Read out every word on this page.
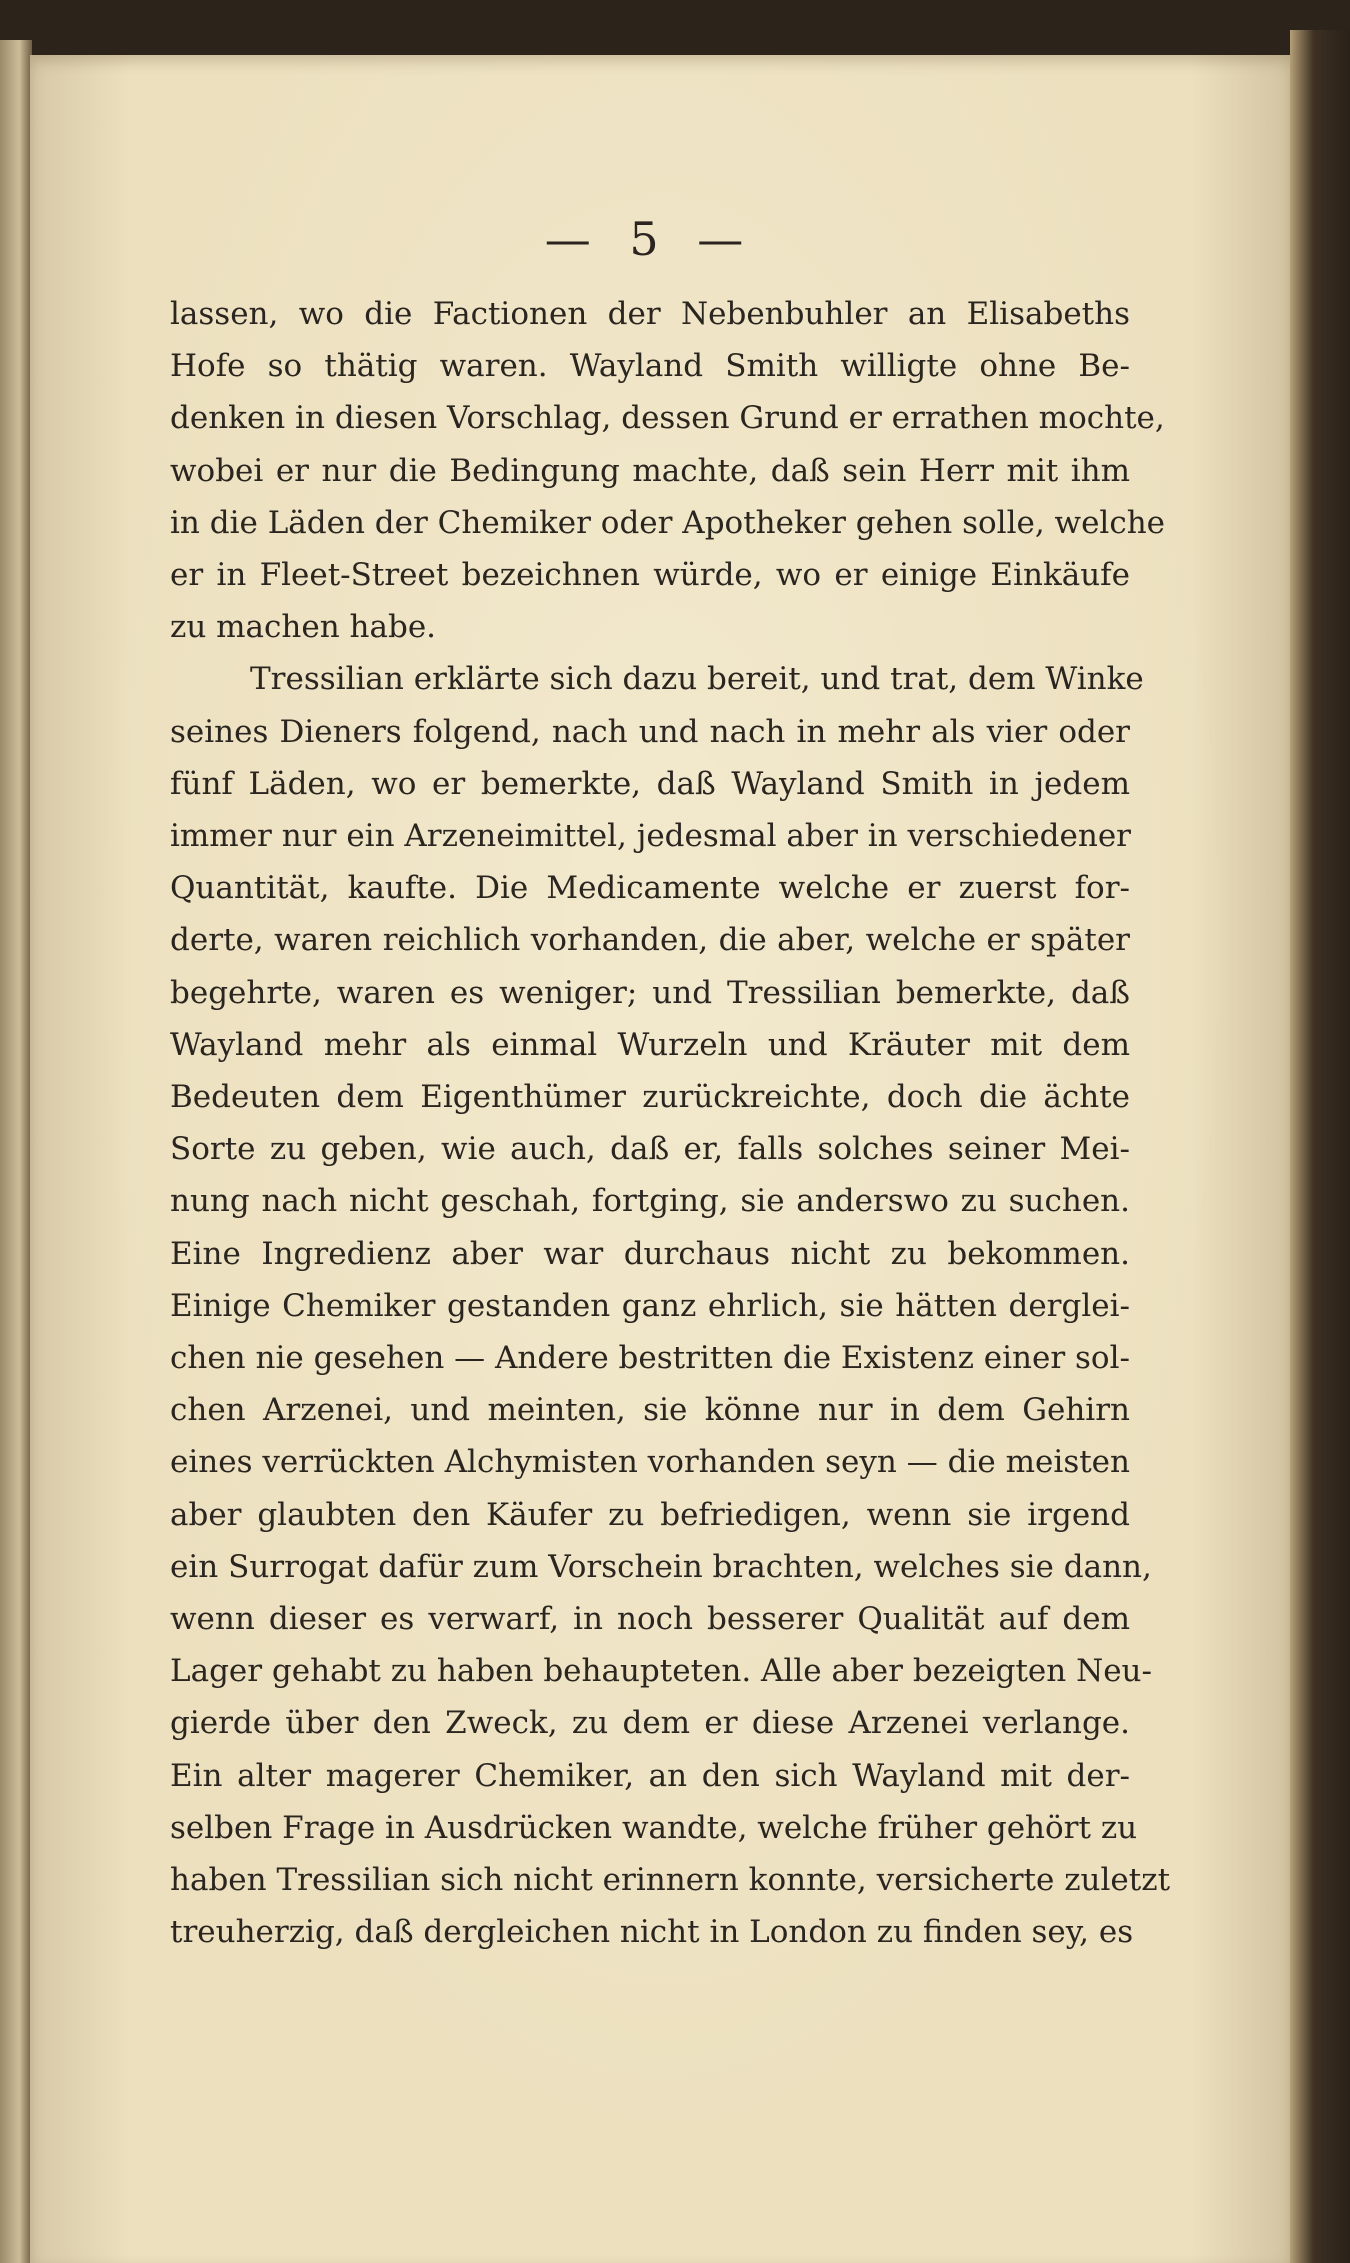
— 5 —
lassen, wo die Factionen der Nebenbuhler an Elisabeths
Hofe so thätig waren. Wayland Smith willigte ohne Be-
denken in diesen Vorschlag, dessen Grund er errathen mochte,
wobei er nur die Bedingung machte, daß sein Herr mit ihm
in die Läden der Chemiker oder Apotheker gehen solle, welche
er in Fleet-Street bezeichnen würde, wo er einige Einkäufe
zu machen habe.
Tressilian erklärte sich dazu bereit, und trat, dem Winke
seines Dieners folgend, nach und nach in mehr als vier oder
fünf Läden, wo er bemerkte, daß Wayland Smith in jedem
immer nur ein Arzeneimittel, jedesmal aber in verschiedener
Quantität, kaufte. Die Medicamente welche er zuerst for-
derte, waren reichlich vorhanden, die aber, welche er später
begehrte, waren es weniger; und Tressilian bemerkte, daß
Wayland mehr als einmal Wurzeln und Kräuter mit dem
Bedeuten dem Eigenthümer zurückreichte, doch die ächte
Sorte zu geben, wie auch, daß er, falls solches seiner Mei-
nung nach nicht geschah, fortging, sie anderswo zu suchen.
Eine Ingredienz aber war durchaus nicht zu bekommen.
Einige Chemiker gestanden ganz ehrlich, sie hätten derglei-
chen nie gesehen — Andere bestritten die Existenz einer sol-
chen Arzenei, und meinten, sie könne nur in dem Gehirn
eines verrückten Alchymisten vorhanden seyn — die meisten
aber glaubten den Käufer zu befriedigen, wenn sie irgend
ein Surrogat dafür zum Vorschein brachten, welches sie dann,
wenn dieser es verwarf, in noch besserer Qualität auf dem
Lager gehabt zu haben behaupteten. Alle aber bezeigten Neu-
gierde über den Zweck, zu dem er diese Arzenei verlange.
Ein alter magerer Chemiker, an den sich Wayland mit der-
selben Frage in Ausdrücken wandte, welche früher gehört zu
haben Tressilian sich nicht erinnern konnte, versicherte zuletzt
treuherzig, daß dergleichen nicht in London zu finden sey, es
